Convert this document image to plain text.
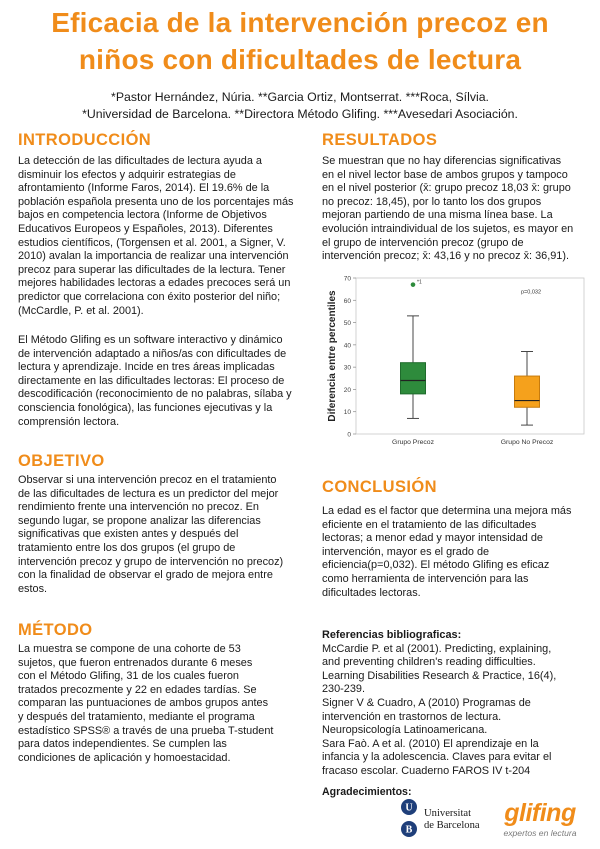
Eficacia de la intervención precoz en
niños con dificultades de lectura
*Pastor Hernández, Núria. **Garcia Ortiz, Montserrat. ***Roca, Sílvia.
*Universidad de Barcelona. **Directora Método Glifing. ***Avesedari Asociación.
INTRODUCCIÓN
La detección de las dificultades de lectura ayuda a
disminuir los efectos y adquirir estrategias de
afrontamiento (Informe Faros, 2014). El 19.6% de la
población española presenta uno de los porcentajes más
bajos en competencia lectora (Informe de Objetivos
Educativos Europeos y Españoles, 2013). Diferentes
estudios científicos, (Torgensen et al. 2001, a Signer, V.
2010) avalan la importancia de realizar una intervención
precoz para superar las dificultades de la lectura. Tener
mejores habilidades lectoras a edades precoces será un
predictor que correlaciona con éxito posterior del niño;
(McCardle, P. et al. 2001).
El Método Glifing es un software interactivo y dinámico
de intervención adaptado a niños/as con dificultades de
lectura y aprendizaje. Incide en tres áreas implicadas
directamente en las dificultades lectoras: El proceso de
descodificación (reconocimiento de no palabras, sílaba y
consciencia fonológica), las funciones ejecutivas y la
comprensión lectora.
OBJETIVO
Observar si una intervención precoz en el tratamiento
de las dificultades de lectura es un predictor del mejor
rendimiento frente una intervención no precoz. En
segundo lugar, se propone analizar las diferencias
significativas que existen antes y después del
tratamiento entre los dos grupos (el grupo de
intervención precoz y grupo de intervención no precoz)
con la finalidad de observar el grado de mejora entre
estos.
MÉTODO
La muestra se compone de una cohorte de 53
sujetos, que fueron entrenados durante 6 meses
con el Método Glifing, 31 de los cuales fueron
tratados precozmente y 22 en edades tardías. Se
comparan las puntuaciones de ambos grupos antes
y después del tratamiento, mediante el programa
estadístico SPSS® a través de una prueba T-student
para datos independientes. Se cumplen las
condiciones de aplicación y homoestacidad.
RESULTADOS
Se muestran que no hay diferencias significativas
en el nivel lector base de ambos grupos y tampoco
en el nivel posterior (x̄: grupo precoz 18,03 x̄: grupo
no precoz: 18,45), por lo tanto los dos grupos
mejoran partiendo de una misma línea base. La
evolución intraindividual de los sujetos, es mayor en
el grupo de intervención precoz (grupo de
intervención precoz; x̄: 43,16 y no precoz x̄: 36,91).
0
10
20
30
40
50
60
70
Diferencia entre percentiles
*1
Grupo Precoz	Grupo No Precoz
p=0,032
CONCLUSIÓN
La edad es el factor que determina una mejora más
eficiente en el tratamiento de las dificultades
lectoras; a menor edad y mayor intensidad de
intervención, mayor es el grado de
eficiencia(p=0,032). El método Glifing es eficaz
como herramienta de intervención para las
dificultades lectoras.
Referencias bibliograficas:
McCardie P. et al (2001). Predicting, explaining,
and preventing children's reading difficulties.
Learning Disabilities Research & Practice, 16(4),
230-239.
Signer V & Cuadro, A (2010) Programas de
intervención en trastornos de lectura.
Neuropsicología Latinoamericana.
Sara Faò. A et al. (2010) El aprendizaje en la
infancia y la adolescencia. Claves para evitar el
fracaso escolar. Cuaderno FAROS IV t-204
Agradecimientos:
U
B
Universitat
de Barcelona glifing
expertos en lectura
